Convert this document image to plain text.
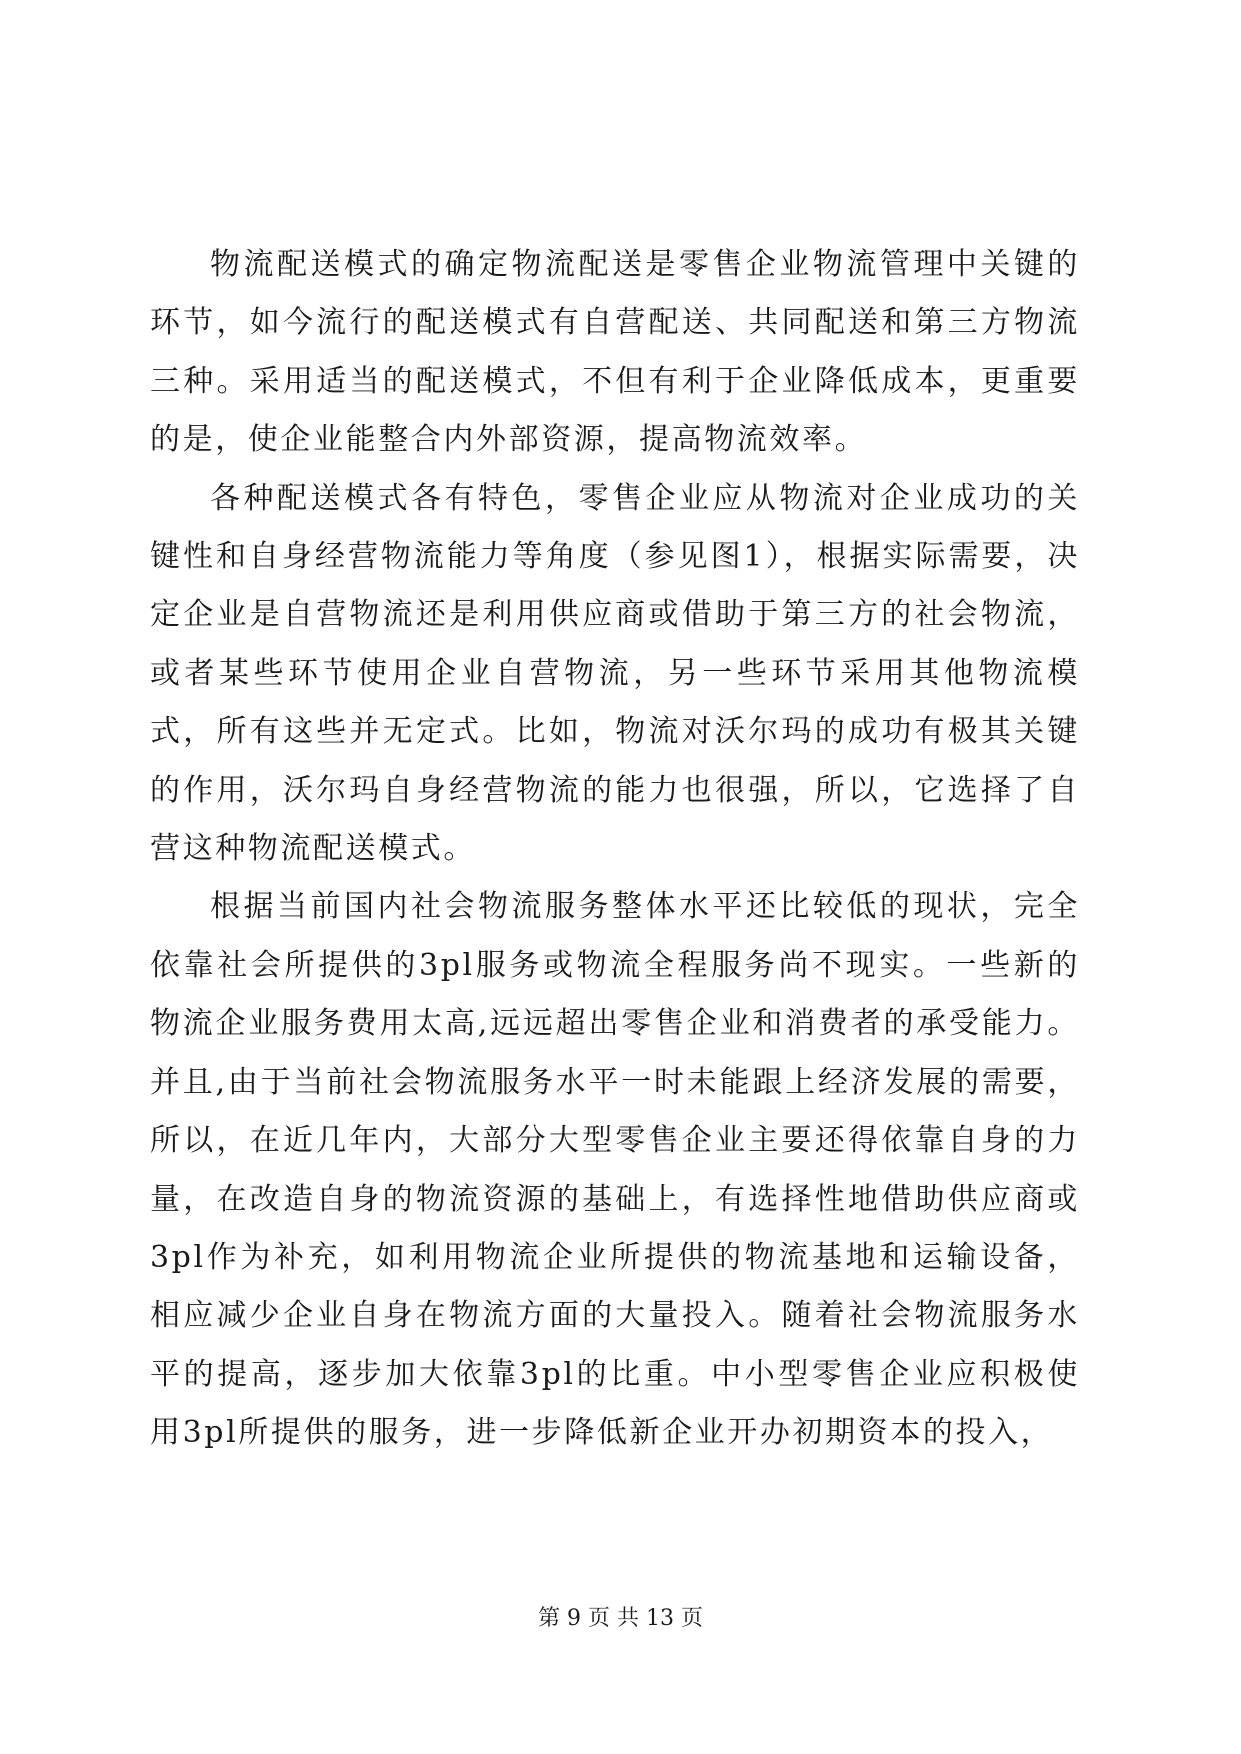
物流配送模式的确定物流配送是零售企业物流管理中关键的环节，如今流行的配送模式有自营配送、共同配送和第三方物流三种。采用适当的配送模式，不但有利于企业降低成本，更重要的是，使企业能整合内外部资源，提高物流效率。

各种配送模式各有特色，零售企业应从物流对企业成功的关键性和自身经营物流能力等角度（参见图1），根据实际需要，决定企业是自营物流还是利用供应商或借助于第三方的社会物流，或者某些环节使用企业自营物流，另一些环节采用其他物流模式，所有这些并无定式。比如，物流对沃尔玛的成功有极其关键的作用，沃尔玛自身经营物流的能力也很强，所以，它选择了自营这种物流配送模式。

根据当前国内社会物流服务整体水平还比较低的现状，完全依靠社会所提供的3pl服务或物流全程服务尚不现实。一些新的物流企业服务费用太高,远远超出零售企业和消费者的承受能力。并且,由于当前社会物流服务水平一时未能跟上经济发展的需要，所以，在近几年内，大部分大型零售企业主要还得依靠自身的力量，在改造自身的物流资源的基础上，有选择性地借助供应商或3pl作为补充，如利用物流企业所提供的物流基地和运输设备，相应减少企业自身在物流方面的大量投入。随着社会物流服务水平的提高，逐步加大依靠3pl的比重。中小型零售企业应积极使用3pl所提供的服务，进一步降低新企业开办初期资本的投入，

第 9 页 共 13 页
